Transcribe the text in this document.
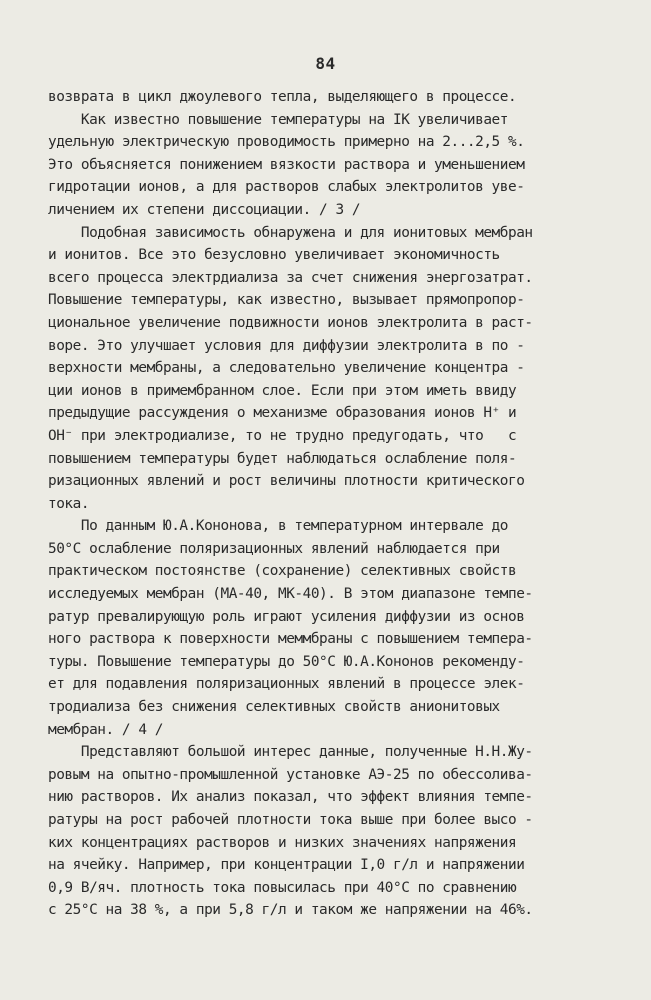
84
возврата в цикл джоулевого тепла, выделяющего в процессе.
Как известно повышение температуры на IK увеличивает
удельную электрическую проводимость примерно на 2...2,5 %.
Это объясняется понижением вязкости раствора и уменьшением
гидротации ионов, а для растворов слабых электролитов уве-
личением их степени диссоциации. / 3 /
Подобная зависимость обнаружена и для ионитовых мембран
и ионитов. Все это безусловно увеличивает экономичность
всего процесса электрдиализа за счет снижения энергозатрат.
Повышение температуры, как известно, вызывает прямопропор-
циональное увеличение подвижности ионов электролита в раст-
воре. Это улучшает условия для диффузии электролита в по -
верхности мембраны, а следовательно увеличение концентра -
ции ионов в примембранном слое. Если при этом иметь ввиду
предыдущие рассуждения о механизме образования ионов H⁺ и
OH⁻ при электродиализе, то не трудно предугодать, что   с
повышением температуры будет наблюдаться ослабление поля-
ризационных явлений и рост величины плотности критического
тока.
По данным Ю.А.Кононова, в температурном интервале до
50°C ослабление поляризационных явлений наблюдается при
практическом постоянстве (сохранение) селективных свойств
исследуемых мембран (МА-40, МК-40). В этом диапазоне темпе-
ратур превалирующую роль играют усиления диффузии из основ
ного раствора к поверхности меммбраны с повышением темпера-
туры. Повышение температуры до 50°C Ю.А.Кононов рекоменду-
ет для подавления поляризационных явлений в процессе элек-
тродиализа без снижения селективных свойств анионитовых
мембран. / 4 /
Представляют большой интерес данные, полученные Н.Н.Жу-
ровым на опытно-промышленной установке АЭ-25 по обессоливa-
нию растворов. Их анализ показал, что эффект влияния темпе-
ратуры на рост рабочей плотности тока выше при более высо -
ких концентрациях растворов и низких значениях напряжения
на ячейку. Например, при концентрации I,0 г/л и напряжении
0,9 В/яч. плотность тока повысилась при 40°C по сравнению
с 25°C на 38 %, а при 5,8 г/л и таком же напряжении на 46%.
